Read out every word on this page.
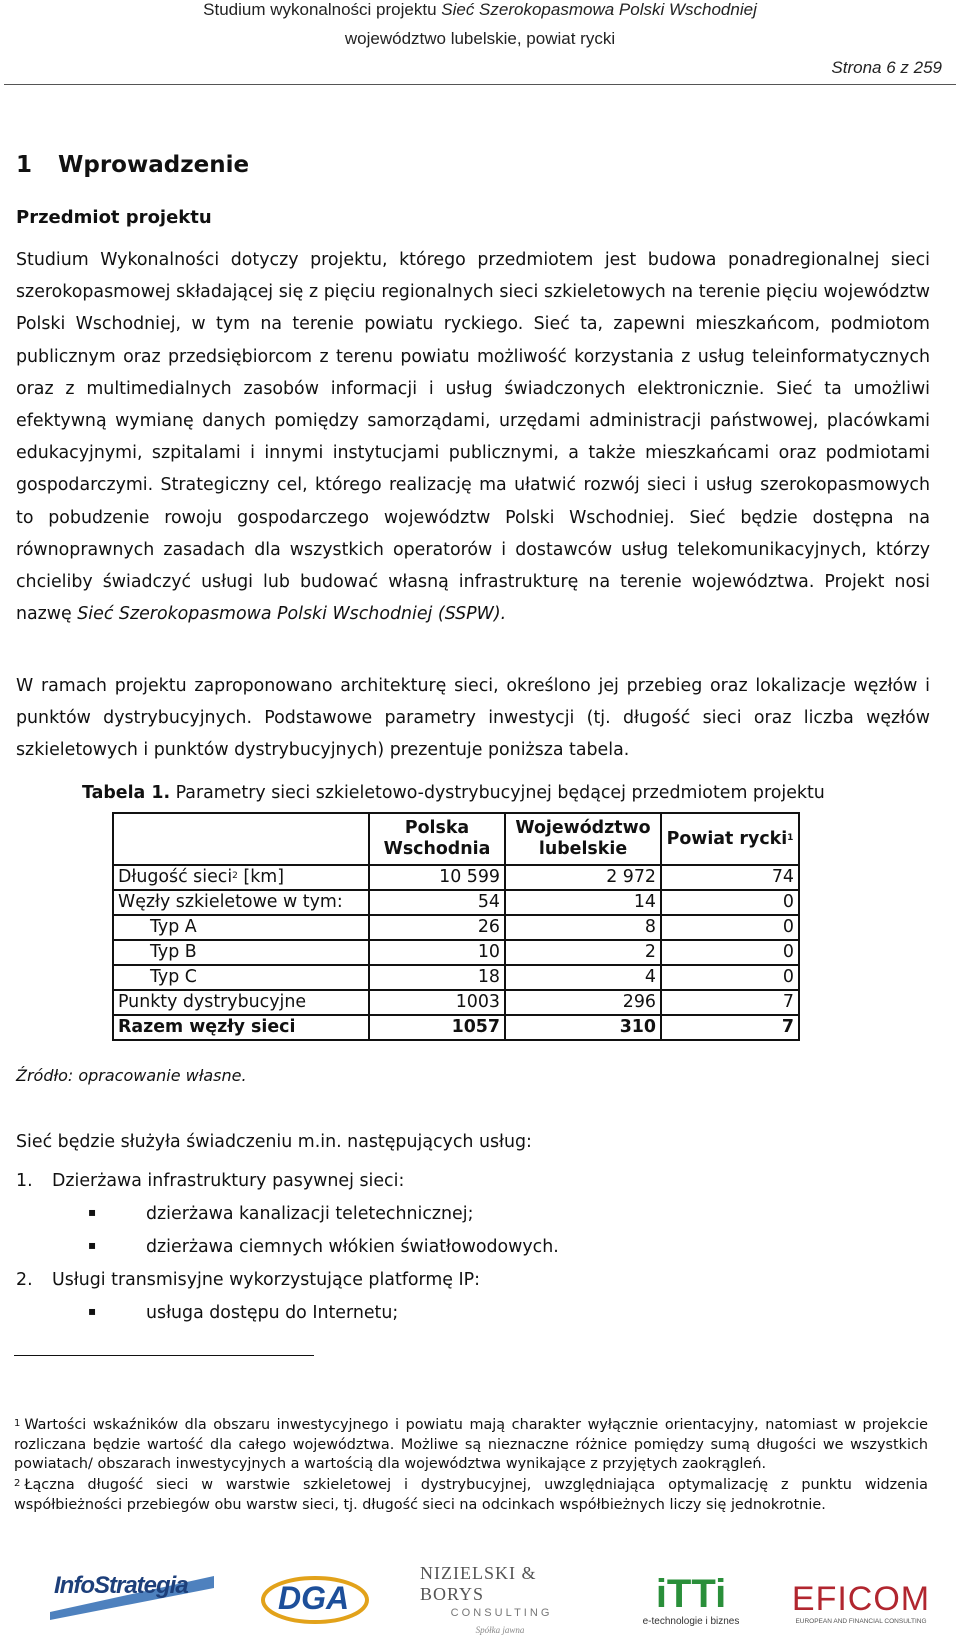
Studium wykonalności projektu Sieć Szerokopasmowa Polski Wschodniej
województwo lubelskie, powiat rycki
Strona 6 z 259
1 Wprowadzenie
Przedmiot projektu
Studium Wykonalności dotyczy projektu, którego przedmiotem jest budowa ponadregionalnej sieci szerokopasmowej składającej się z pięciu regionalnych sieci szkieletowych na terenie pięciu województw Polski Wschodniej, w tym na terenie powiatu ryckiego. Sieć ta, zapewni mieszkańcom, podmiotom publicznym oraz przedsiębiorcom z terenu powiatu możliwość korzystania z usług teleinformatycznych oraz z multimedialnych zasobów informacji i usług świadczonych elektronicznie. Sieć ta umożliwi efektywną wymianę danych pomiędzy samorządami, urzędami administracji państwowej, placówkami edukacyjnymi, szpitalami i innymi instytucjami publicznymi, a także mieszkańcami oraz podmiotami gospodarczymi. Strategiczny cel, którego realizację ma ułatwić rozwój sieci i usług szerokopasmowych to pobudzenie rowoju gospodarczego województw Polski Wschodniej. Sieć będzie dostępna na równoprawnych zasadach dla wszystkich operatorów i dostawców usług telekomunikacyjnych, którzy chcieliby świadczyć usługi lub budować własną infrastrukturę na terenie województwa. Projekt nosi nazwę Sieć Szerokopasmowa Polski Wschodniej (SSPW).
W ramach projektu zaproponowano architekturę sieci, określono jej przebieg oraz lokalizacje węzłów i punktów dystrybucyjnych. Podstawowe parametry inwestycji (tj. długość sieci oraz liczba węzłów szkieletowych i punktów dystrybucyjnych) prezentuje poniższa tabela.
Tabela 1. Parametry sieci szkieletowo-dystrybucyjnej będącej przedmiotem projektu
	Polska Wschodnia	Województwo lubelskie	Powiat rycki$^1$
Długość sieci$^2$ [km]	10 599	2 972	74
Węzły szkieletowe w tym:	54	14	0
Typ A	26	8	0
Typ B	10	2	0
Typ C	18	4	0
Punkty dystrybucyjne	1003	296	7
Razem węzły sieci	1057	310	7
Źródło: opracowanie własne.
Sieć będzie służyła świadczeniu m.in. następujących usług:
1. Dzierżawa infrastruktury pasywnej sieci:
▪	dzierżawa kanalizacji teletechnicznej;
▪	dzierżawa ciemnych włókien światłowodowych.
2. Usługi transmisyjne wykorzystujące platformę IP:
▪	usługa dostępu do Internetu;
$^1$ Wartości wskaźników dla obszaru inwestycyjnego i powiatu mają charakter wyłącznie orientacyjny, natomiast w projekcie rozliczana będzie wartość dla całego województwa. Możliwe są nieznaczne różnice pomiędzy sumą długości we wszystkich powiatach/ obszarach inwestycyjnych a wartością dla województwa wynikające z przyjętych zaokrągleń.
$^2$ Łączna długość sieci w warstwie szkieletowej i dystrybucyjnej, uwzględniająca optymalizację z punktu widzenia współbieżności przebiegów obu warstw sieci, tj. długość sieci na odcinkach współbieżnych liczy się jednokrotnie.
InfoStrategia	DGA
NIZIELSKI & BORYS
C O N S U L T I N G
Spółka jawna
iTTi
e-technologie i biznes
EFICOM
EUROPEAN AND FINANCIAL CONSULTING
